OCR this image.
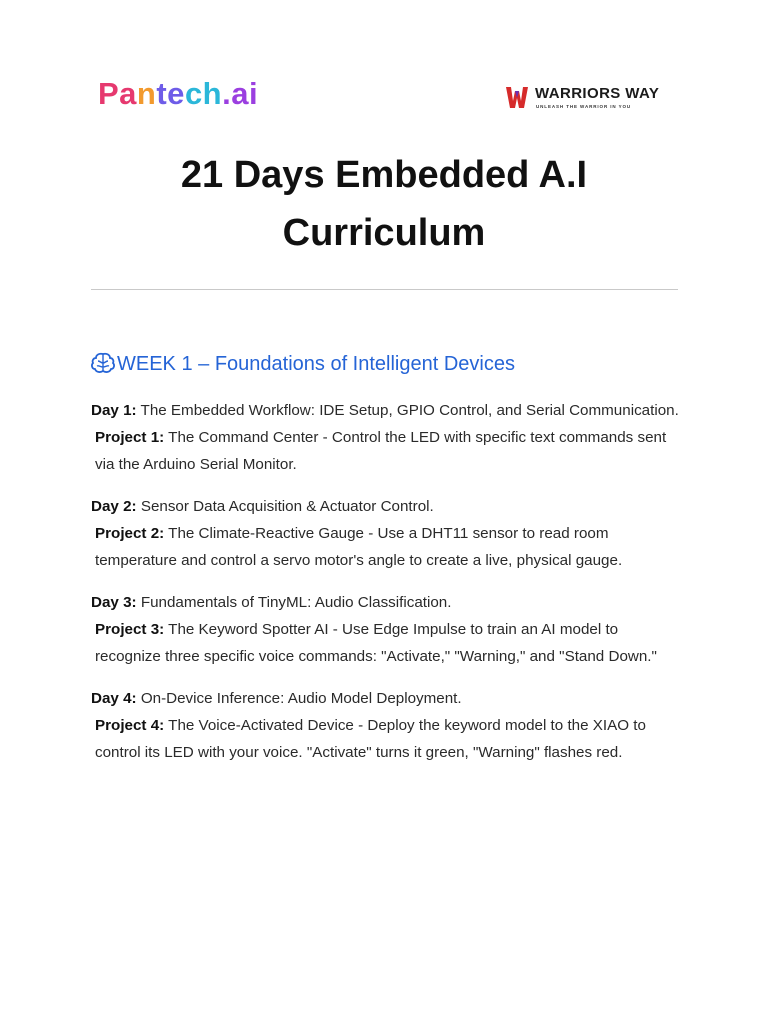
Pantech.ai	WARRIORS WAY
UNLEASH THE WARRIOR IN YOU
21 Days Embedded A.I
Curriculum
WEEK 1 – Foundations of Intelligent Devices
Day 1: The Embedded Workflow: IDE Setup, GPIO Control, and Serial Communication.
Project 1: The Command Center - Control the LED with specific text commands sent via the Arduino Serial Monitor.
Day 2: Sensor Data Acquisition & Actuator Control.
Project 2: The Climate-Reactive Gauge - Use a DHT11 sensor to read room temperature and control a servo motor's angle to create a live, physical gauge.
Day 3: Fundamentals of TinyML: Audio Classification.
Project 3: The Keyword Spotter AI - Use Edge Impulse to train an AI model to recognize three specific voice commands: "Activate," "Warning," and "Stand Down."
Day 4: On-Device Inference: Audio Model Deployment.
Project 4: The Voice-Activated Device - Deploy the keyword model to the XIAO to control its LED with your voice. "Activate" turns it green, "Warning" flashes red.
